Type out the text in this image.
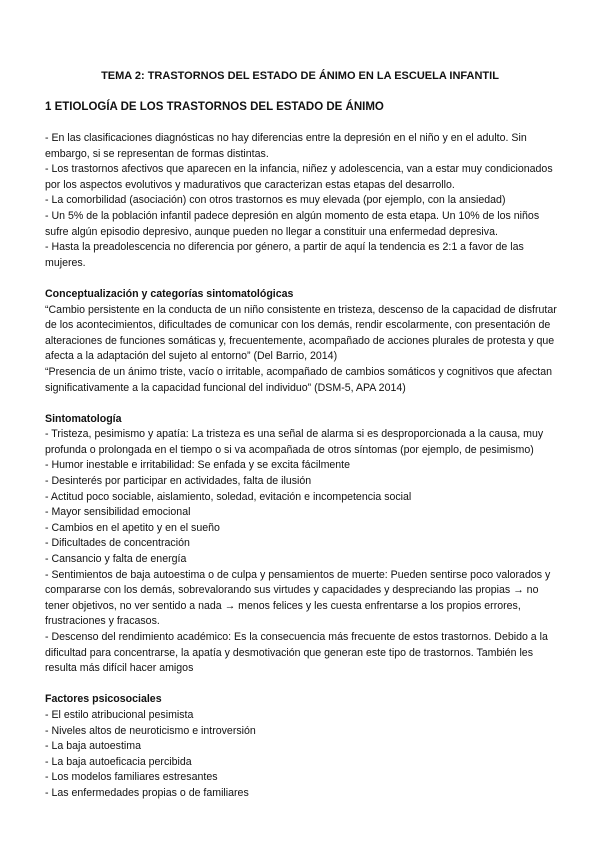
TEMA 2: TRASTORNOS DEL ESTADO DE ÁNIMO EN LA ESCUELA INFANTIL
1 ETIOLOGÍA DE LOS TRASTORNOS DEL ESTADO DE ÁNIMO

- En las clasificaciones diagnósticas no hay diferencias entre la depresión en el niño y en el adulto. Sin embargo, si se representan de formas distintas.

- Los trastornos afectivos que aparecen en la infancia, niñez y adolescencia, van a estar muy condicionados por los aspectos evolutivos y madurativos que caracterizan estas etapas del desarrollo.

- La comorbilidad (asociación) con otros trastornos es muy elevada (por ejemplo, con la ansiedad)

- Un 5% de la población infantil padece depresión en algún momento de esta etapa. Un 10% de los niños sufre algún episodio depresivo, aunque pueden no llegar a constituir una enfermedad depresiva.

- Hasta la preadolescencia no diferencia por género, a partir de aquí la tendencia es 2:1 a favor de las mujeres.

Conceptualización y categorías sintomatológicas

“Cambio persistente en la conducta de un niño consistente en tristeza, descenso de la capacidad de disfrutar de los acontecimientos, dificultades de comunicar con los demás, rendir escolarmente, con presentación de alteraciones de funciones somáticas y, frecuentemente, acompañado de acciones plurales de protesta y que afecta a la adaptación del sujeto al entorno” (Del Barrio, 2014)

“Presencia de un ánimo triste, vacío o irritable, acompañado de cambios somáticos y cognitivos que afectan significativamente a la capacidad funcional del individuo” (DSM-5, APA 2014)

Sintomatología

- Tristeza, pesimismo y apatía: La tristeza es una señal de alarma si es desproporcionada a la causa, muy profunda o prolongada en el tiempo o si va acompañada de otros síntomas (por ejemplo, de pesimismo)

- Humor inestable e irritabilidad: Se enfada y se excita fácilmente

- Desinterés por participar en actividades, falta de ilusión

- Actitud poco sociable, aislamiento, soledad, evitación e incompetencia social

- Mayor sensibilidad emocional

- Cambios en el apetito y en el sueño

- Dificultades de concentración

- Cansancio y falta de energía

- Sentimientos de baja autoestima o de culpa y pensamientos de muerte: Pueden sentirse poco valorados y compararse con los demás, sobrevalorando sus virtudes y capacidades y despreciando las propias → no tener objetivos, no ver sentido a nada → menos felices y les cuesta enfrentarse a los propios errores, frustraciones y fracasos.

- Descenso del rendimiento académico: Es la consecuencia más frecuente de estos trastornos. Debido a la dificultad para concentrarse, la apatía y desmotivación que generan este tipo de trastornos. También les resulta más difícil hacer amigos

Factores psicosociales

- El estilo atribucional pesimista

- Niveles altos de neuroticismo e introversión

- La baja autoestima

- La baja autoeficacia percibida

- Los modelos familiares estresantes

- Las enfermedades propias o de familiares
